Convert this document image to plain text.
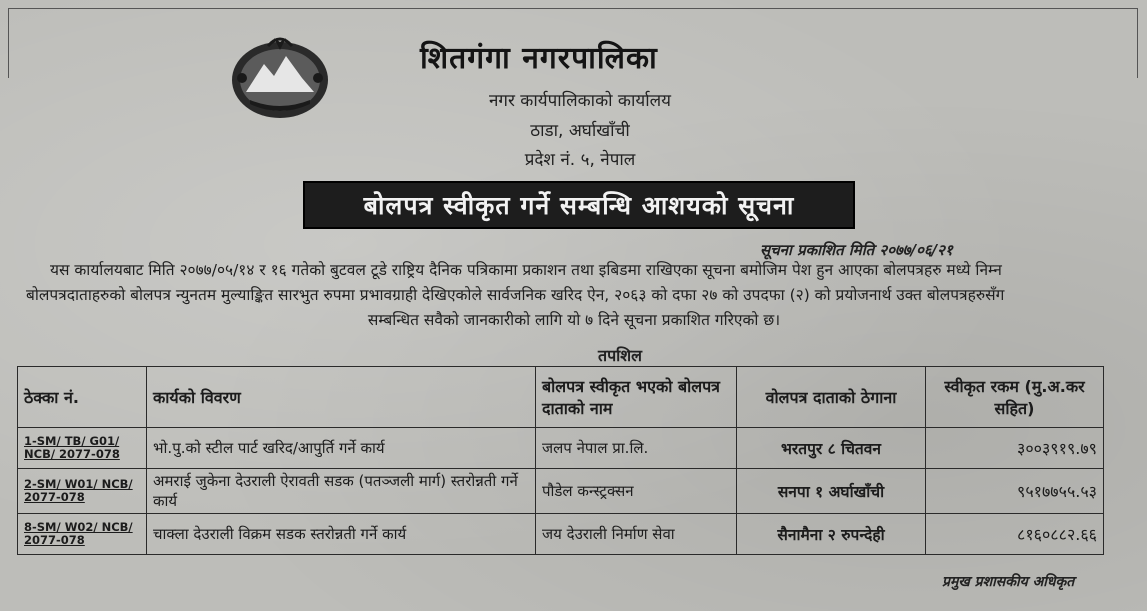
शितगंगा नगरपालिका
नगर कार्यपालिकाको कार्यालय
ठाडा, अर्घाखाँची
प्रदेश नं. ५, नेपाल
बोलपत्र स्वीकृत गर्ने सम्बन्धि आशयको सूचना
सूचना प्रकाशित मिति २०७७/०६/२१
यस कार्यालयबाट मिति २०७७/०५/१४ र १६ गतेको बुटवल टूडे राष्ट्रिय दैनिक पत्रिकामा प्रकाशन तथा इबिडमा राखिएका सूचना बमोजिम पेश हुन आएका बोलपत्रहरु मध्ये निम्न
बोलपत्रदाताहरुको बोलपत्र न्युनतम मुल्याङ्कित सारभुत रुपमा प्रभावग्राही देखिएकोले सार्वजनिक खरिद ऐन, २०६३ को दफा २७ को उपदफा (२) को प्रयोजनार्थ उक्त बोलपत्रहरुसँग
सम्बन्धित सवैको जानकारीको लागि यो ७ दिने सूचना प्रकाशित गरिएको छ।
तपशिल
ठेक्का नं.	कार्यको विवरण	बोलपत्र स्वीकृत भएको बोलपत्र दाताको नाम	वोलपत्र दाताको ठेगाना	स्वीकृत रकम (मु.अ.कर सहित)
1-SM/ TB/ G01/ NCB/ 2077-078	भो.पु.को स्टील पार्ट खरिद/आपुर्ति गर्ने कार्य	जलप नेपाल प्रा.लि.	भरतपुर ८ चितवन	३००३९१९.७९
2-SM/ W01/ NCB/ 2077-078	अमराई जुकेना देउराली ऐरावती सडक (पतञ्जली मार्ग) स्तरोन्नती गर्ने कार्य	पौडेल कन्स्ट्रक्सन	सनपा १ अर्घाखाँची	९५१७७५५.५३
8-SM/ W02/ NCB/ 2077-078	चाक्ला देउराली विक्रम सडक स्तरोन्नती गर्ने कार्य	जय देउराली निर्माण सेवा	सैनामैना २ रुपन्देही	८१६०८८२.६६
प्रमुख प्रशासकीय अधिकृत
